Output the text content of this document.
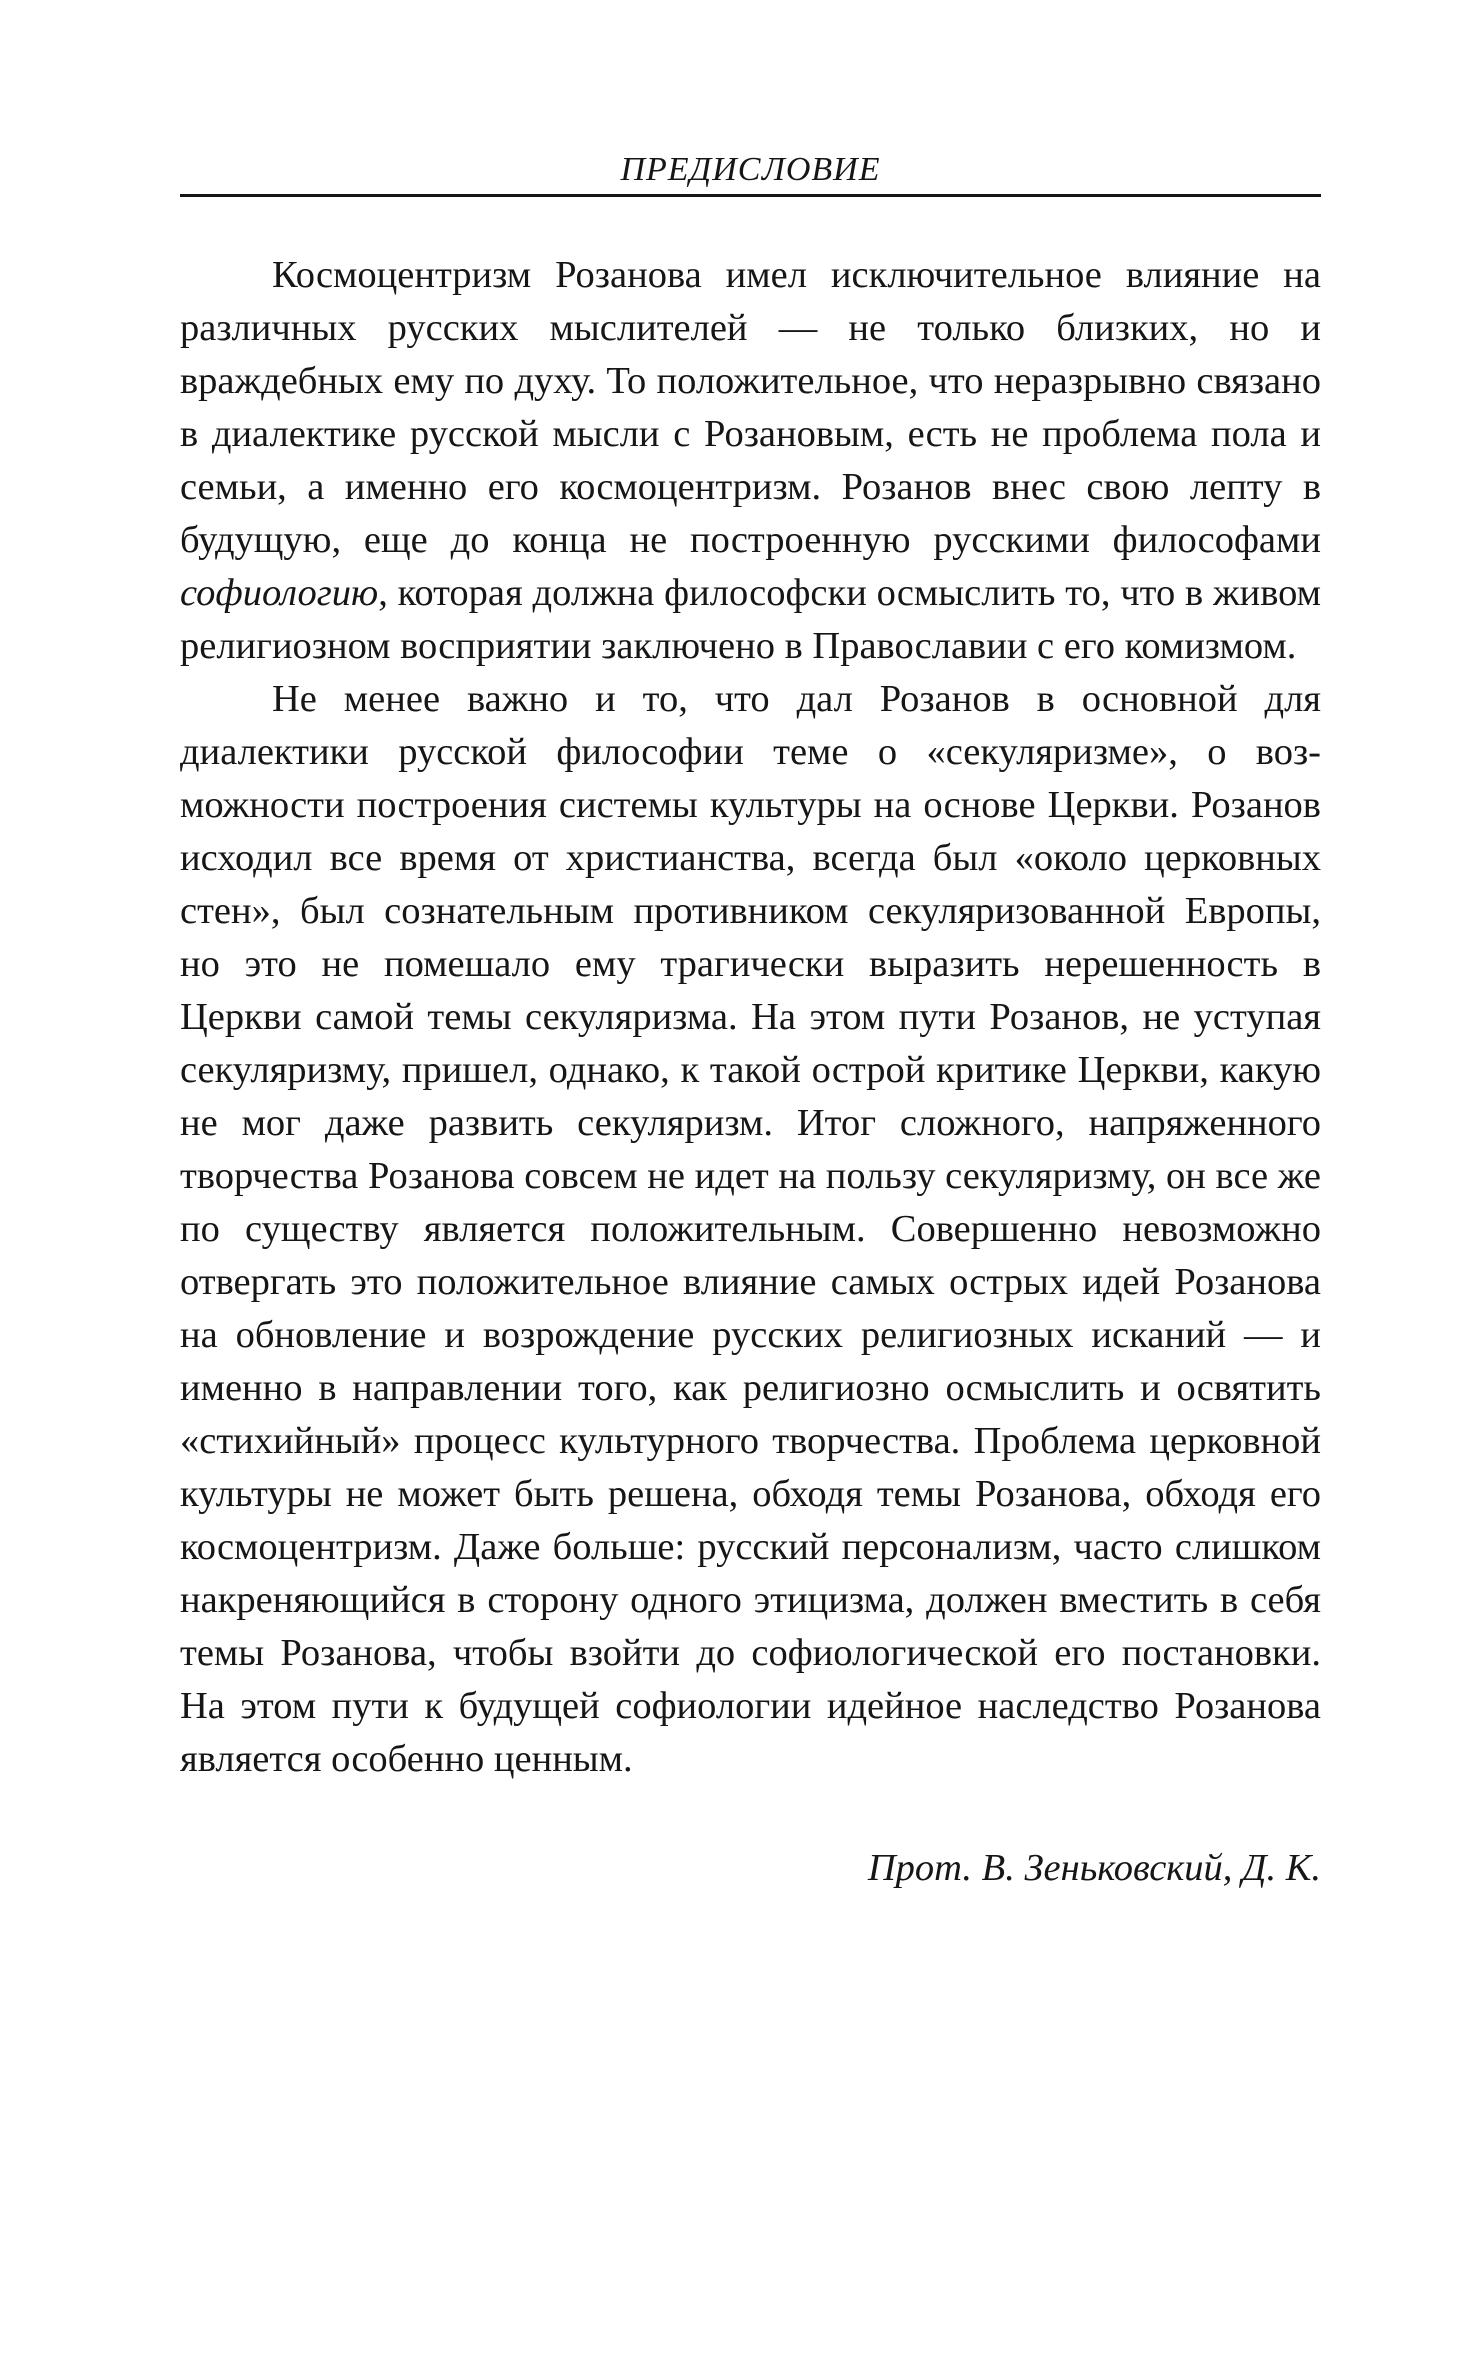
ПРЕДИСЛОВИЕ

Космоцентризм Розанова имел исключительное влияние на различных русских мыслителей — не только близких, но и враждебных ему по духу. То положительное, что неразрывно связано в диалектике русской мысли с Розановым, есть не проблема пола и семьи, а именно его космоцентризм. Розанов внес свою лепту в будущую, еще до конца не построенную русскими философами софиологию, которая должна философски осмыслить то, что в живом религиозном восприятии заключено в Православии с его комизмом.

Не менее важно и то, что дал Розанов в основной для диалектики русской философии теме о «секуляризме», о возможности построения системы культуры на основе Церкви. Розанов исходил все время от христианства, всегда был «около церковных стен», был сознательным противником секуляризованной Европы, но это не помешало ему трагически выразить нерешенность в Церкви самой темы секуляризма. На этом пути Розанов, не уступая секуляризму, пришел, однако, к такой острой критике Церкви, какую не мог даже развить секуляризм. Итог сложного, напряженного творчества Розанова совсем не идет на пользу секуляризму, он все же по существу является положительным. Совершенно невозможно отвергать это положительное влияние самых острых идей Розанова на обновление и возрождение русских религиозных исканий — и именно в направлении того, как религиозно осмыслить и освятить «стихийный» процесс культурного творчества. Проблема церковной культуры не может быть решена, обходя темы Розанова, обходя его космоцентризм. Даже больше: русский персонализм, часто слишком накреняющийся в сторону одного этицизма, должен вместить в себя темы Розанова, чтобы взойти до софиологической его постановки. На этом пути к будущей софиологии идейное наследство Розанова является особенно ценным.

Прот. В. Зеньковский, Д. К.
